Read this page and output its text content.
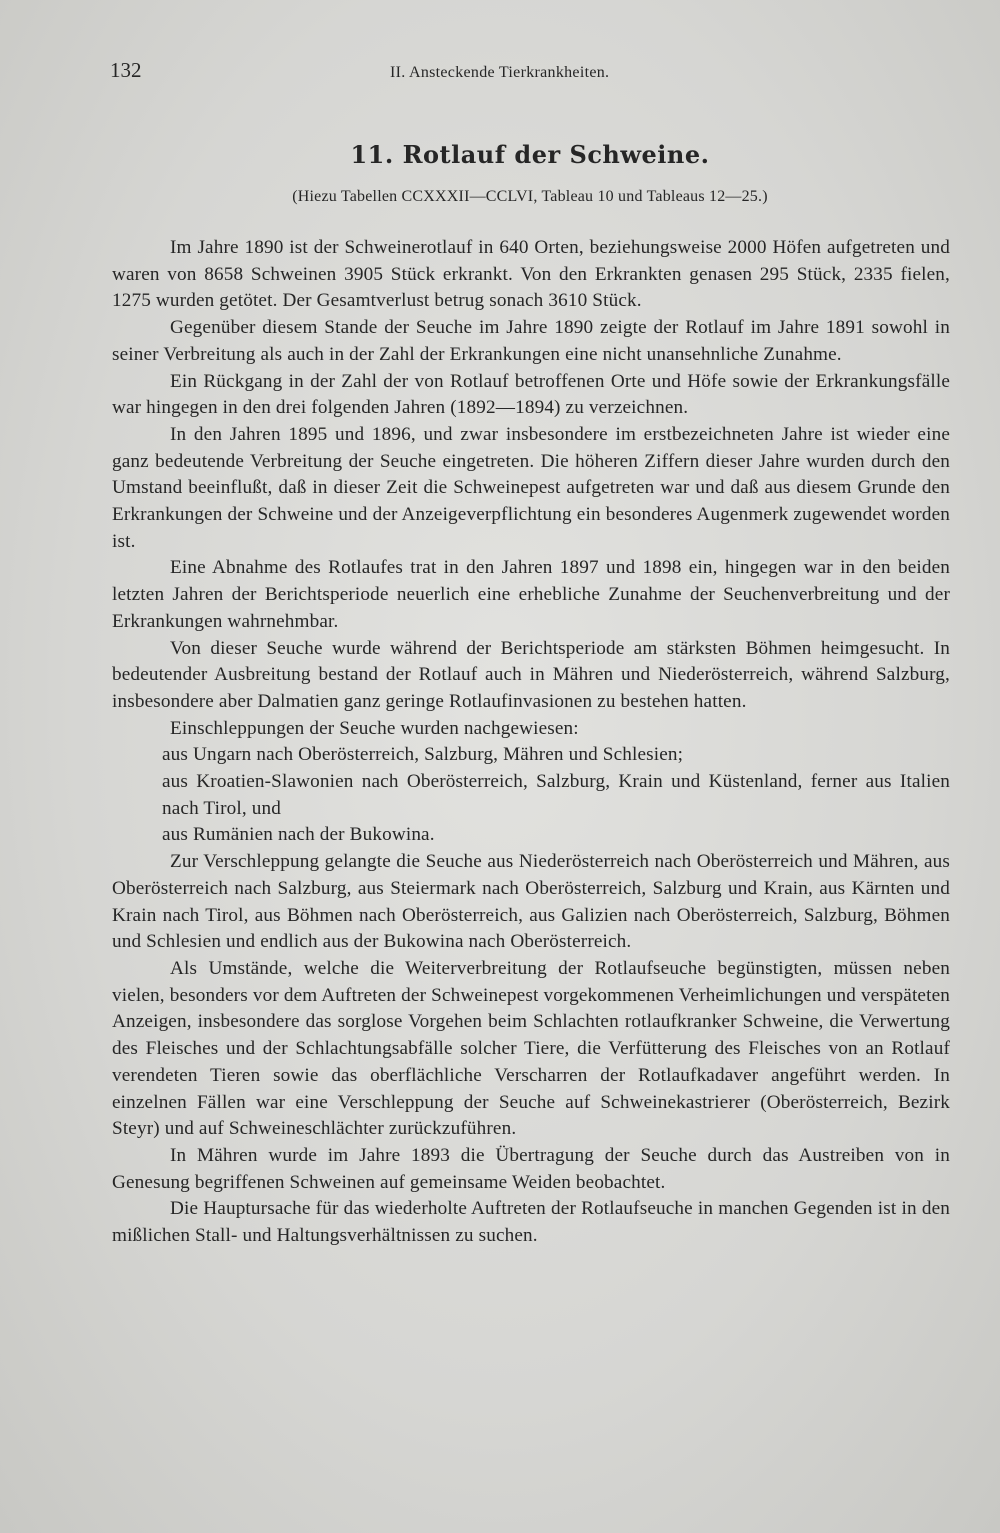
132	II. Ansteckende Tierkrankheiten.
11. Rotlauf der Schweine.
(Hiezu Tabellen CCXXXII—CCLVI, Tableau 10 und Tableaus 12—25.)

Im Jahre 1890 ist der Schweinerotlauf in 640 Orten, beziehungsweise 2000 Höfen aufgetreten und waren von 8658 Schweinen 3905 Stück erkrankt. Von den Erkrankten genasen 295 Stück, 2335 fielen, 1275 wurden getötet. Der Gesamtverlust betrug sonach 3610 Stück.

Gegenüber diesem Stande der Seuche im Jahre 1890 zeigte der Rotlauf im Jahre 1891 sowohl in seiner Verbreitung als auch in der Zahl der Erkrankungen eine nicht unansehnliche Zunahme.

Ein Rückgang in der Zahl der von Rotlauf betroffenen Orte und Höfe sowie der Erkrankungsfälle war hingegen in den drei folgenden Jahren (1892—1894) zu verzeichnen.

In den Jahren 1895 und 1896, und zwar insbesondere im erstbezeichneten Jahre ist wieder eine ganz bedeutende Verbreitung der Seuche eingetreten. Die höheren Ziffern dieser Jahre wurden durch den Umstand beeinflußt, daß in dieser Zeit die Schweinepest aufgetreten war und daß aus diesem Grunde den Erkrankungen der Schweine und der Anzeigeverpflichtung ein besonderes Augenmerk zugewendet worden ist.

Eine Abnahme des Rotlaufes trat in den Jahren 1897 und 1898 ein, hingegen war in den beiden letzten Jahren der Berichtsperiode neuerlich eine erhebliche Zunahme der Seuchenverbreitung und der Erkrankungen wahrnehmbar.

Von dieser Seuche wurde während der Berichtsperiode am stärksten Böhmen heimgesucht. In bedeutender Ausbreitung bestand der Rotlauf auch in Mähren und Niederösterreich, während Salzburg, insbesondere aber Dalmatien ganz geringe Rotlaufinvasionen zu bestehen hatten.

Einschleppungen der Seuche wurden nachgewiesen:

aus Ungarn nach Oberösterreich, Salzburg, Mähren und Schlesien;
aus Kroatien-Slawonien nach Oberösterreich, Salzburg, Krain und Küstenland, ferner aus Italien nach Tirol, und
aus Rumänien nach der Bukowina.

Zur Verschleppung gelangte die Seuche aus Niederösterreich nach Oberösterreich und Mähren, aus Oberösterreich nach Salzburg, aus Steiermark nach Oberösterreich, Salzburg und Krain, aus Kärnten und Krain nach Tirol, aus Böhmen nach Oberösterreich, aus Galizien nach Oberösterreich, Salzburg, Böhmen und Schlesien und endlich aus der Bukowina nach Oberösterreich.

Als Umstände, welche die Weiterverbreitung der Rotlaufseuche begünstigten, müssen neben vielen, besonders vor dem Auftreten der Schweinepest vorgekommenen Verheimlichungen und verspäteten Anzeigen, insbesondere das sorglose Vorgehen beim Schlachten rotlaufkranker Schweine, die Verwertung des Fleisches und der Schlachtungsabfälle solcher Tiere, die Verfütterung des Fleisches von an Rotlauf verendeten Tieren sowie das oberflächliche Verscharren der Rotlaufkadaver angeführt werden. In einzelnen Fällen war eine Verschleppung der Seuche auf Schweinekastrierer (Oberösterreich, Bezirk Steyr) und auf Schweineschlächter zurückzuführen.

In Mähren wurde im Jahre 1893 die Übertragung der Seuche durch das Austreiben von in Genesung begriffenen Schweinen auf gemeinsame Weiden beobachtet.

Die Hauptursache für das wiederholte Auftreten der Rotlaufseuche in manchen Gegenden ist in den mißlichen Stall- und Haltungsverhältnissen zu suchen.
